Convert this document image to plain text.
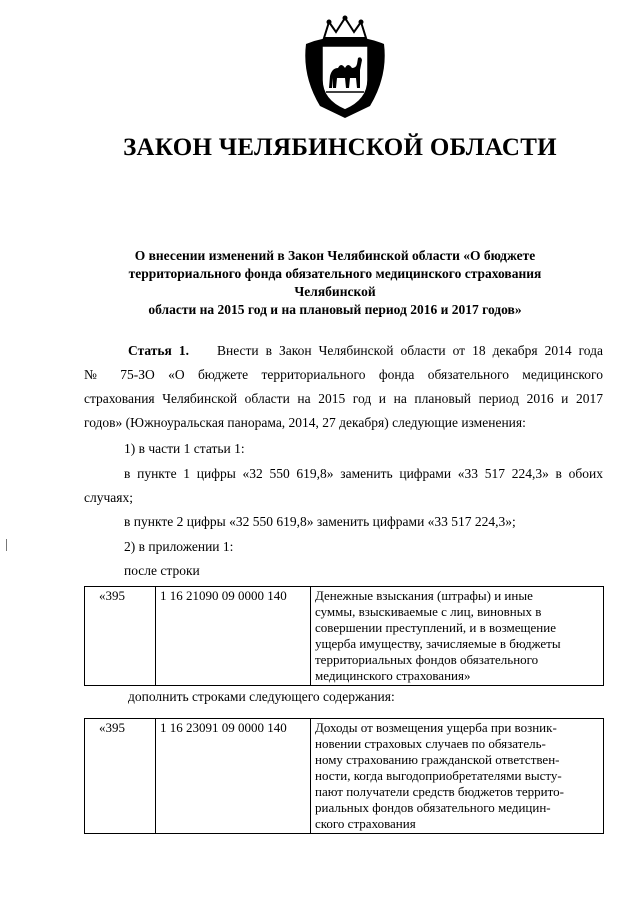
ЗАКОН ЧЕЛЯБИНСКОЙ ОБЛАСТИ
О внесении изменений в Закон Челябинской области «О бюджете
территориального фонда обязательного медицинского страхования Челябинской
области на 2015 год и на плановый период 2016 и 2017 годов»
Статья 1. Внести в Закон Челябинской области от 18 декабря 2014 года
№ 75-ЗО «О бюджете территориального фонда обязательного медицинского
страхования Челябинской области на 2015 год и на плановый период 2016 и 2017
годов» (Южноуральская панорама, 2014, 27 декабря) следующие изменения:
1) в части 1 статьи 1:
в пункте 1 цифры «32 550 619,8» заменить цифрами «33 517 224,3» в обоих
случаях;
в пункте 2 цифры «32 550 619,8» заменить цифрами «33 517 224,3»;
2) в приложении 1:
после строки
«395	1 16 21090 09 0000 140	Денежные взыскания (штрафы) и иные
суммы, взыскиваемые с лиц, виновных в
совершении преступлений, и в возмещение
ущерба имуществу, зачисляемые в бюджеты
территориальных фондов обязательного
медицинского страхования»
дополнить строками следующего содержания:
«395	1 16 23091 09 0000 140	Доходы от возмещения ущерба при возник-
новении страховых случаев по обязатель-
ному страхованию гражданской ответствен-
ности, когда выгодоприобретателями высту-
пают получатели средств бюджетов террито-
риальных фондов обязательного медицин-
ского страхования
